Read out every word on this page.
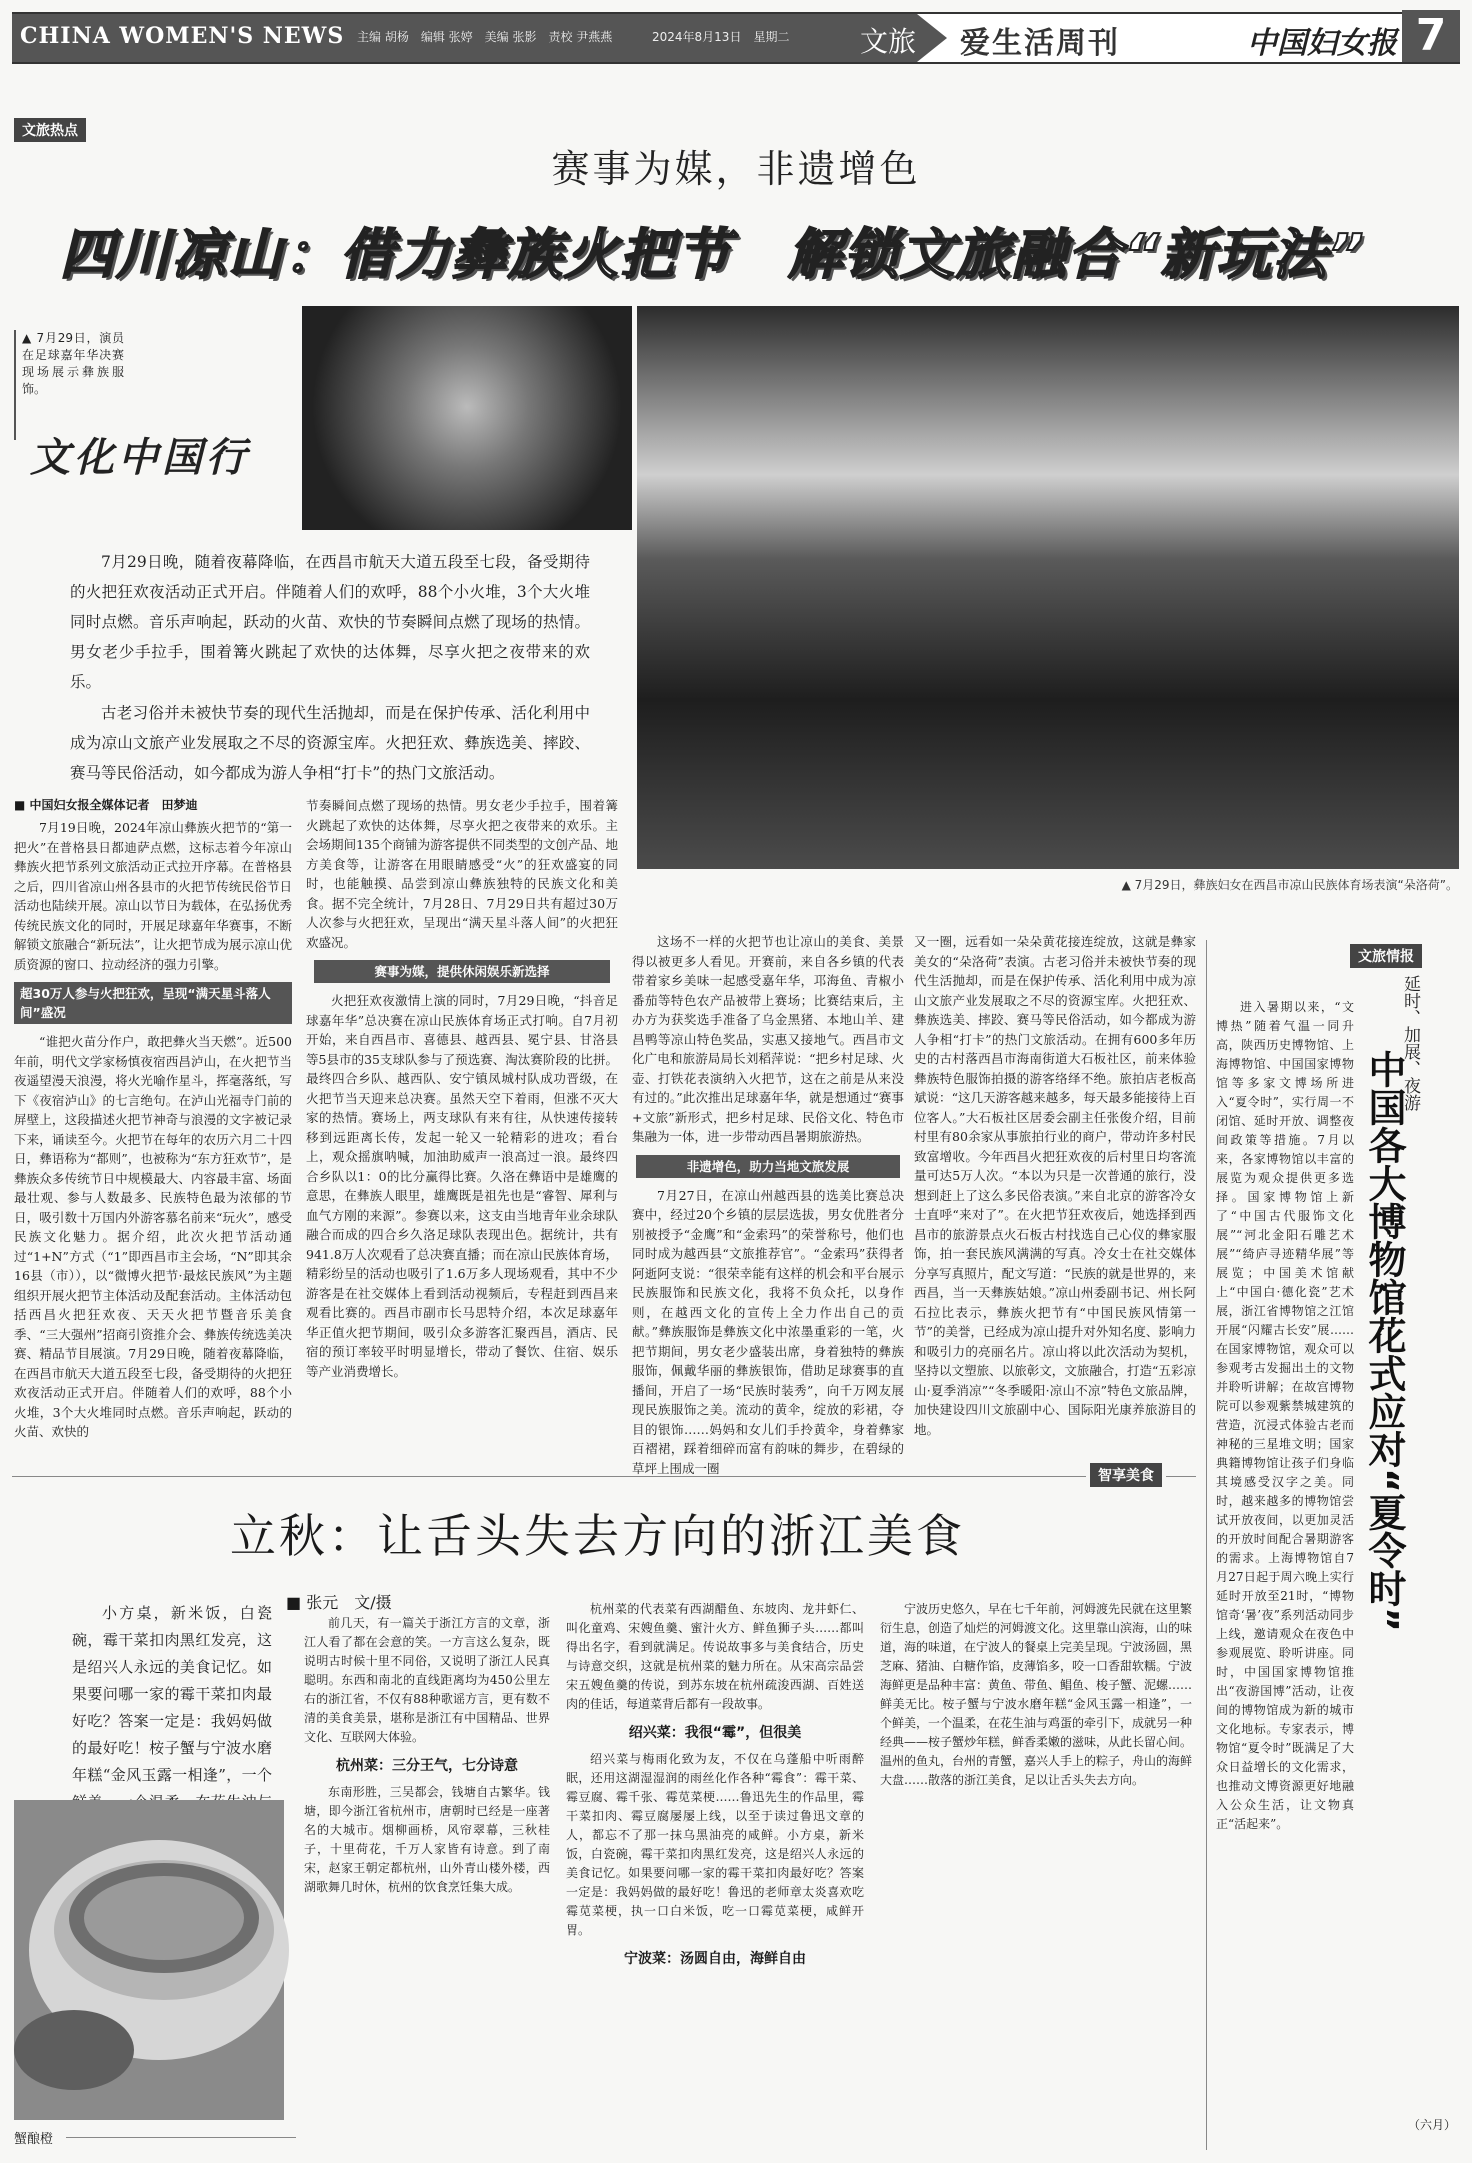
CHINA WOMEN'S NEWS 主编 胡杨　编辑 张婷　美编 张影　责校 尹燕燕	2024年8月13日　星期二	文旅 爱生活周刊	中国妇女报 7
文旅热点
赛事为媒，非遗增色
四川凉山：借力彝族火把节　解锁文旅融合“新玩法”
▲ 7月29日，演员在足球嘉年华决赛现场展示彝族服饰。
文化中国行

7月29日晚，随着夜幕降临，在西昌市航天大道五段至七段，备受期待的火把狂欢夜活动正式开启。伴随着人们的欢呼，88个小火堆，3个大火堆同时点燃。音乐声响起，跃动的火苗、欢快的节奏瞬间点燃了现场的热情。男女老少手拉手，围着篝火跳起了欢快的达体舞，尽享火把之夜带来的欢乐。

古老习俗并未被快节奏的现代生活抛却，而是在保护传承、活化利用中成为凉山文旅产业发展取之不尽的资源宝库。火把狂欢、彝族选美、摔跤、赛马等民俗活动，如今都成为游人争相“打卡”的热门文旅活动。

▲ 7月29日，彝族妇女在西昌市凉山民族体育场表演“朵洛荷”。
■ 中国妇女报全媒体记者　田梦迪

7月19日晚，2024年凉山彝族火把节的“第一把火”在普格县日都迪萨点燃，这标志着今年凉山彝族火把节系列文旅活动正式拉开序幕。在普格县之后，四川省凉山州各县市的火把节传统民俗节日活动也陆续开展。凉山以节日为载体，在弘扬优秀传统民族文化的同时，开展足球嘉年华赛事，不断解锁文旅融合“新玩法”，让火把节成为展示凉山优质资源的窗口、拉动经济的强力引擎。

超30万人参与火把狂欢，呈现“满天星斗落人间”盛况

“谁把火苗分作户，敢把彝火当天燃”。近500年前，明代文学家杨慎夜宿西昌泸山，在火把节当夜遥望漫天浪漫，将火光喻作星斗，挥毫落纸，写下《夜宿泸山》的七言绝句。在泸山光福寺门前的屏壁上，这段描述火把节神奇与浪漫的文字被记录下来，诵读至今。火把节在每年的农历六月二十四日，彝语称为“都则”，也被称为“东方狂欢节”，是彝族众多传统节日中规模最大、内容最丰富、场面最壮观、参与人数最多、民族特色最为浓郁的节日，吸引数十万国内外游客慕名前来“玩火”，感受民族文化魅力。据介绍，此次火把节活动通过“1+N”方式（“1”即西昌市主会场，“N”即其余16县（市）），以“微博火把节·最炫民族风”为主题组织开展火把节主体活动及配套活动。主体活动包括西昌火把狂欢夜、天天火把节暨音乐美食季、“三大强州”招商引资推介会、彝族传统选美决赛、精品节目展演。7月29日晚，随着夜幕降临，在西昌市航天大道五段至七段，备受期待的火把狂欢夜活动正式开启。伴随着人们的欢呼，88个小火堆，3个大火堆同时点燃。音乐声响起，跃动的火苗、欢快的

节奏瞬间点燃了现场的热情。男女老少手拉手，围着篝火跳起了欢快的达体舞，尽享火把之夜带来的欢乐。主会场期间135个商铺为游客提供不同类型的文创产品、地方美食等，让游客在用眼睛感受“火”的狂欢盛宴的同时，也能触摸、品尝到凉山彝族独特的民族文化和美食。据不完全统计，7月28日、7月29日共有超过30万人次参与火把狂欢，呈现出“满天星斗落人间”的火把狂欢盛况。

赛事为媒，提供休闲娱乐新选择

火把狂欢夜激情上演的同时，7月29日晚，“抖音足球嘉年华”总决赛在凉山民族体育场正式打响。自7月初开始，来自西昌市、喜德县、越西县、冕宁县、甘洛县等5县市的35支球队参与了预选赛、淘汰赛阶段的比拼。最终四合乡队、越西队、安宁镇凤城村队成功晋级，在火把节当天迎来总决赛。虽然天空下着雨，但涨不灭大家的热情。赛场上，两支球队有来有往，从快速传接转移到远距离长传，发起一轮又一轮精彩的进攻；看台上，观众摇旗呐喊，加油助威声一浪高过一浪。最终四合乡队以1：0的比分赢得比赛。久洛在彝语中是雄鹰的意思，在彝族人眼里，雄鹰既是祖先也是“睿智、犀利与血气方刚的来源”。参赛以来，这支由当地青年业余球队融合而成的四合乡久洛足球队表现出色。据统计，共有941.8万人次观看了总决赛直播；而在凉山民族体育场，精彩纷呈的活动也吸引了1.6万多人现场观看，其中不少游客是在社交媒体上看到活动视频后，专程赶到西昌来观看比赛的。西昌市副市长马思特介绍，本次足球嘉年华正值火把节期间，吸引众多游客汇聚西昌，酒店、民宿的预订率较平时明显增长，带动了餐饮、住宿、娱乐等产业消费增长。

这场不一样的火把节也让凉山的美食、美景得以被更多人看见。开赛前，来自各乡镇的代表带着家乡美味一起感受嘉年华，邛海鱼、青椒小番茄等特色农产品被带上赛场；比赛结束后，主办方为获奖选手准备了乌金黑猪、本地山羊、建昌鸭等凉山特色奖品，实惠又接地气。西昌市文化广电和旅游局局长刘稻萍说：“把乡村足球、火壶、打铁花表演纳入火把节，这在之前是从来没有过的。”此次推出足球嘉年华，就是想通过“赛事+文旅”新形式，把乡村足球、民俗文化、特色市集融为一体，进一步带动西昌暑期旅游热。

非遗增色，助力当地文旅发展

7月27日，在凉山州越西县的选美比赛总决赛中，经过20个乡镇的层层选拔，男女优胜者分别被授予“金鹰”和“金索玛”的荣誉称号，他们也同时成为越西县“文旅推荐官”。“金索玛”获得者阿逝阿支说：“很荣幸能有这样的机会和平台展示民族服饰和民族文化，我将不负众托，以身作则，在越西文化的宣传上全力作出自己的贡献。”彝族服饰是彝族文化中浓墨重彩的一笔，火把节期间，男女老少盛装出席，身着独特的彝族服饰，佩戴华丽的彝族银饰，借助足球赛事的直播间，开启了一场“民族时装秀”，向千万网友展现民族服饰之美。流动的黄伞，绽放的彩裙，夺目的银饰……妈妈和女儿们手拎黄伞，身着彝家百褶裙，踩着细碎而富有韵味的舞步，在碧绿的草坪上围成一圈

又一圈，远看如一朵朵黄花接连绽放，这就是彝家美女的“朵洛荷”表演。古老习俗并未被快节奏的现代生活抛却，而是在保护传承、活化利用中成为凉山文旅产业发展取之不尽的资源宝库。火把狂欢、彝族选美、摔跤、赛马等民俗活动，如今都成为游人争相“打卡”的热门文旅活动。在拥有600多年历史的古村落西昌市海南街道大石板社区，前来体验彝族特色服饰拍摄的游客络绎不绝。旅拍店老板高斌说：“这几天游客越来越多，每天最多能接待上百位客人。”大石板社区居委会副主任张俊介绍，目前村里有80余家从事旅拍行业的商户，带动许多村民致富增收。今年西昌火把狂欢夜的后村里日均客流量可达5万人次。“本以为只是一次普通的旅行，没想到赶上了这么多民俗表演。”来自北京的游客冷女士直呼“来对了”。在火把节狂欢夜后，她选择到西昌市的旅游景点火石板古村找选自己心仪的彝家服饰，拍一套民族风满满的写真。冷女士在社交媒体分享写真照片，配文写道：“民族的就是世界的，来西昌，当一天彝族姑娘。”凉山州委副书记、州长阿石拉比表示，彝族火把节有“中国民族风情第一节”的美誉，已经成为凉山提升对外知名度、影响力和吸引力的亮丽名片。凉山将以此次活动为契机，坚持以文塑旅、以旅彰文，文旅融合，打造“五彩凉山·夏季消凉”“冬季暖阳·凉山不凉”特色文旅品牌，加快建设四川文旅副中心、国际阳光康养旅游目的地。

文旅情报
延时、加展、夜游
中国各大博物馆花式应对“夏令时”

进入暑期以来，“文博热”随着气温一同升高，陕西历史博物馆、上海博物馆、中国国家博物馆等多家文博场所进入“夏令时”，实行周一不闭馆、延时开放、调整夜间政策等措施。7月以来，各家博物馆以丰富的展览为观众提供更多选择。国家博物馆上新了“中国古代服饰文化展”“河北金阳石雕艺术展”“绮庐寻迹精华展”等展览；中国美术馆献上“中国白·德化瓷”艺术展，浙江省博物馆之江馆开展“闪耀古长安”展……在国家博物馆，观众可以参观考古发掘出土的文物并聆听讲解；在故宫博物院可以参观紫禁城建筑的营造，沉浸式体验古老而神秘的三星堆文明；国家典籍博物馆让孩子们身临其境感受汉字之美。同时，越来越多的博物馆尝试开放夜间，以更加灵活的开放时间配合暑期游客的需求。上海博物馆自7月27日起于周六晚上实行延时开放至21时，“博物馆奇‘暑’夜”系列活动同步上线，邀请观众在夜色中参观展览、聆听讲座。同时，中国国家博物馆推出“夜游国博”活动，让夜间的博物馆成为新的城市文化地标。专家表示，博物馆“夏令时”既满足了大众日益增长的文化需求，也推动文博资源更好地融入公众生活，让文物真正“活起来”。

（六月）
智享美食
立秋：让舌头失去方向的浙江美食

小方桌，新米饭，白瓷碗，霉干菜扣肉黑红发亮，这是绍兴人永远的美食记忆。如果要问哪一家的霉干菜扣肉最好吃？答案一定是：我妈妈做的最好吃！桉子蟹与宁波水磨年糕“金风玉露一相逢”，一个

蟹酿橙
■ 张元　文/摄

前几天，有一篇关于浙江方言的文章，浙江人看了都在会意的笑。一方言这么复杂，既说明古时候十里不同俗，又说明了浙江人民真聪明。东西和南北的直线距离均为450公里左右的浙江省，不仅有88种歌谣方言，更有数不清的美食美景，堪称是浙江有中国精品、世界文化、互联网大体验。

杭州菜：三分王气，七分诗意

东南形胜，三吴都会，钱塘自古繁华。钱塘，即今浙江省杭州市，唐朝时已经是一座著名的大城市。烟柳画桥，风帘翠幕，三秋桂子，十里荷花，千万人家皆有诗意。到了南宋，赵家王朝定都杭州，山外青山楼外楼，西湖歌舞几时休，杭州的饮食烹饪集大成。

杭州菜的代表菜有西湖醋鱼、东坡肉、龙井虾仁、叫化童鸡、宋嫂鱼羹、蜜汁火方、鲜鱼狮子头……都叫得出名字，看到就满足。传说故事多与美食结合，历史与诗意交织，这就是杭州菜的魅力所在。从宋高宗品尝宋五嫂鱼羹的传说，到苏东坡在杭州疏浚西湖、百姓送肉的佳话，每道菜背后都有一段故事。

绍兴菜：我很“霉”，但很美

绍兴菜与梅雨化致为友，不仅在乌蓬船中听雨醉眠，还用这湖湿湿润的雨丝化作各种“霉食”：霉干菜、霉豆腐、霉千张、霉苋菜梗……鲁迅先生的作品里，霉干菜扣肉、霉豆腐屡屡上线，以至于读过鲁迅文章的人，都忘不了那一抹乌黑油亮的咸鲜。小方桌，新米饭，白瓷碗，霉干菜扣肉黑红发亮，这是绍兴人永远的美食记忆。如果要问哪一家的霉干菜扣肉最好吃？答案一定是：我妈妈做的最好吃！鲁迅的老师章太炎喜欢吃霉苋菜梗，执一口白米饭，吃一口霉苋菜梗，咸鲜开胃。

宁波菜：汤圆自由，海鲜自由

宁波历史悠久，早在七千年前，河姆渡先民就在这里繁衍生息，创造了灿烂的河姆渡文化。这里靠山滨海，山的味道，海的味道，在宁波人的餐桌上完美呈现。宁波汤圆，黑芝麻、猪油、白糖作馅，皮薄馅多，咬一口香甜软糯。宁波海鲜更是品种丰富：黄鱼、带鱼、鲳鱼、梭子蟹、泥螺……鲜美无比。桉子蟹与宁波水磨年糕“金风玉露一相逢”，一个鲜美，一个温柔，在花生油与鸡蛋的牵引下，成就另一种经典——桉子蟹炒年糕，鲜香柔嫩的滋味，从此长留心间。温州的鱼丸，台州的青蟹，嘉兴人手上的粽子，舟山的海鲜大盘……散落的浙江美食，足以让舌头失去方向。
